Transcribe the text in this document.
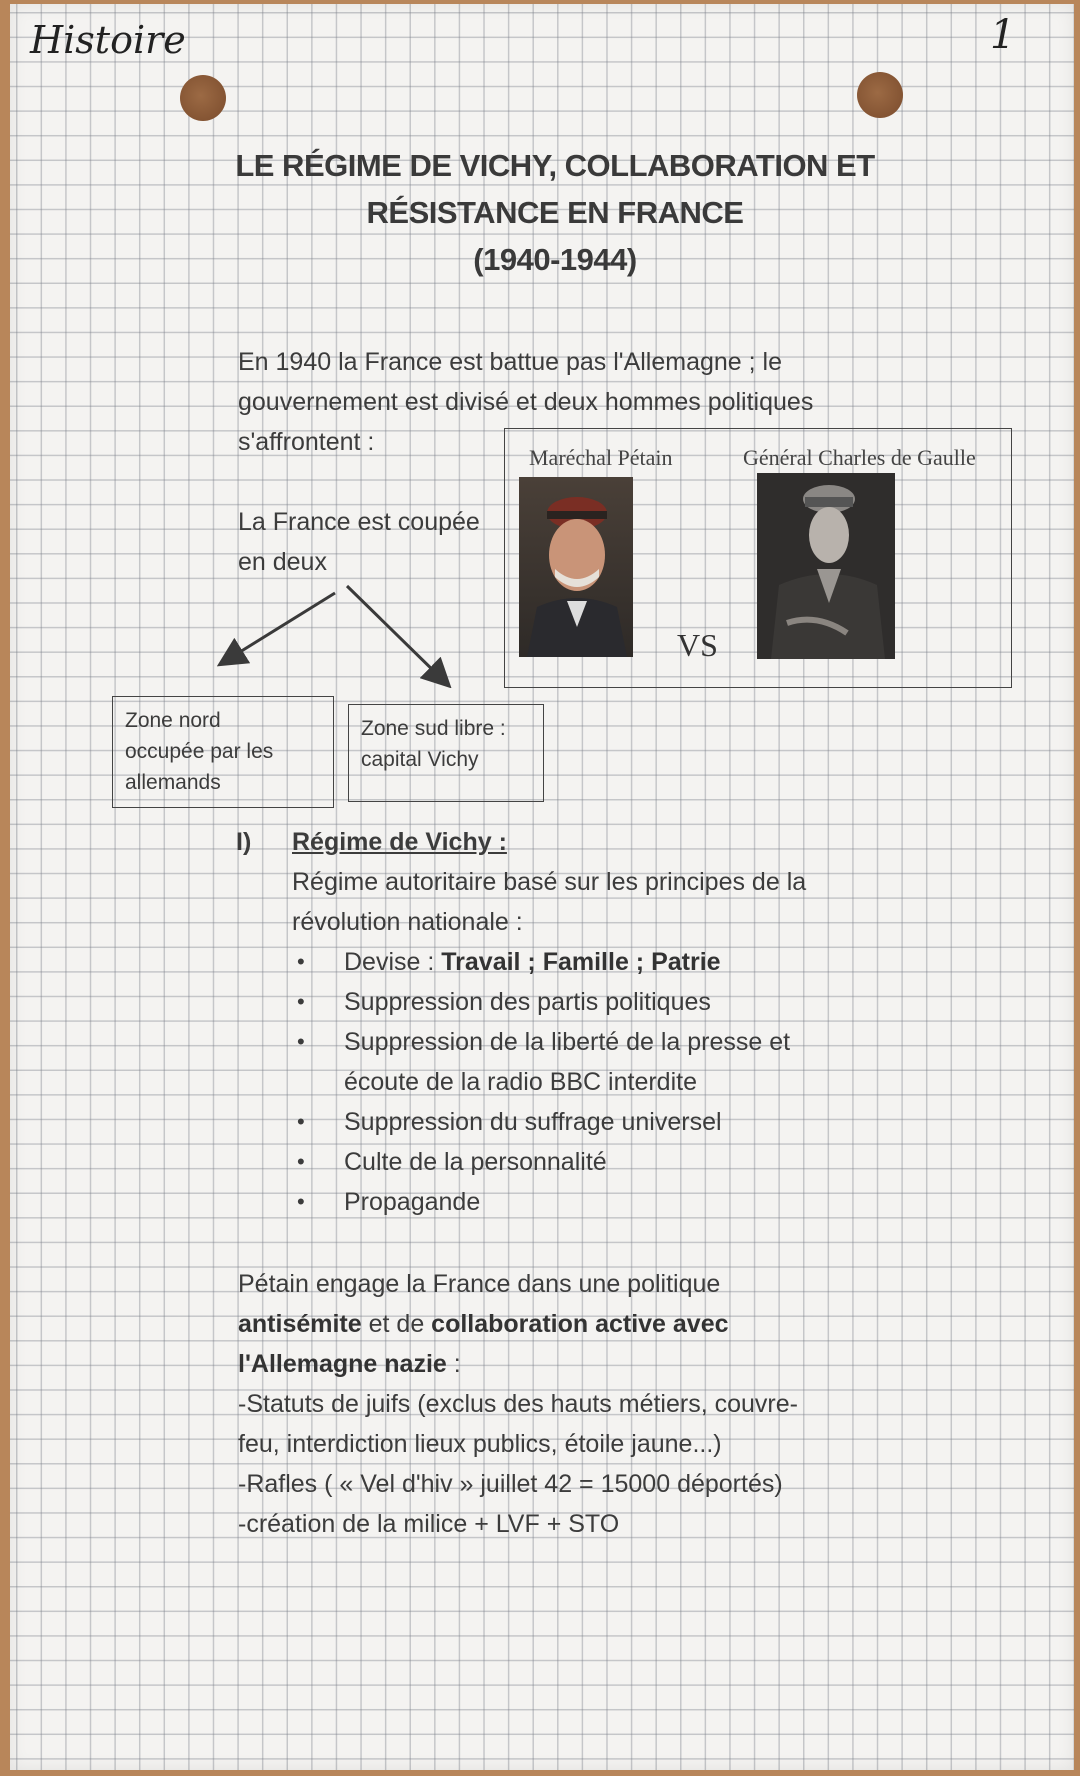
Histoire	1
LE RÉGIME DE VICHY, COLLABORATION ET
RÉSISTANCE EN FRANCE
(1940-1944)
En 1940 la France est battue pas l'Allemagne ; le
gouvernement est divisé et deux hommes politiques
s'affrontent :
La France est coupée
en deux
Maréchal Pétain	Général Charles de Gaulle
VS
Zone nord
occupée par les
allemands
Zone sud libre :
capital Vichy
I) Régime de Vichy :
Régime autoritaire basé sur les principes de la
révolution nationale :
• Devise : Travail ; Famille ; Patrie
• Suppression des partis politiques
• Suppression de la liberté de la presse et
écoute de la radio BBC interdite
• Suppression du suffrage universel
• Culte de la personnalité
• Propagande
Pétain engage la France dans une politique
antisémite et de collaboration active avec
l'Allemagne nazie :
-Statuts de juifs (exclus des hauts métiers, couvre-
feu, interdiction lieux publics, étoile jaune...)
-Rafles ( « Vel d'hiv » juillet 42 = 15000 déportés)
-création de la milice + LVF + STO
